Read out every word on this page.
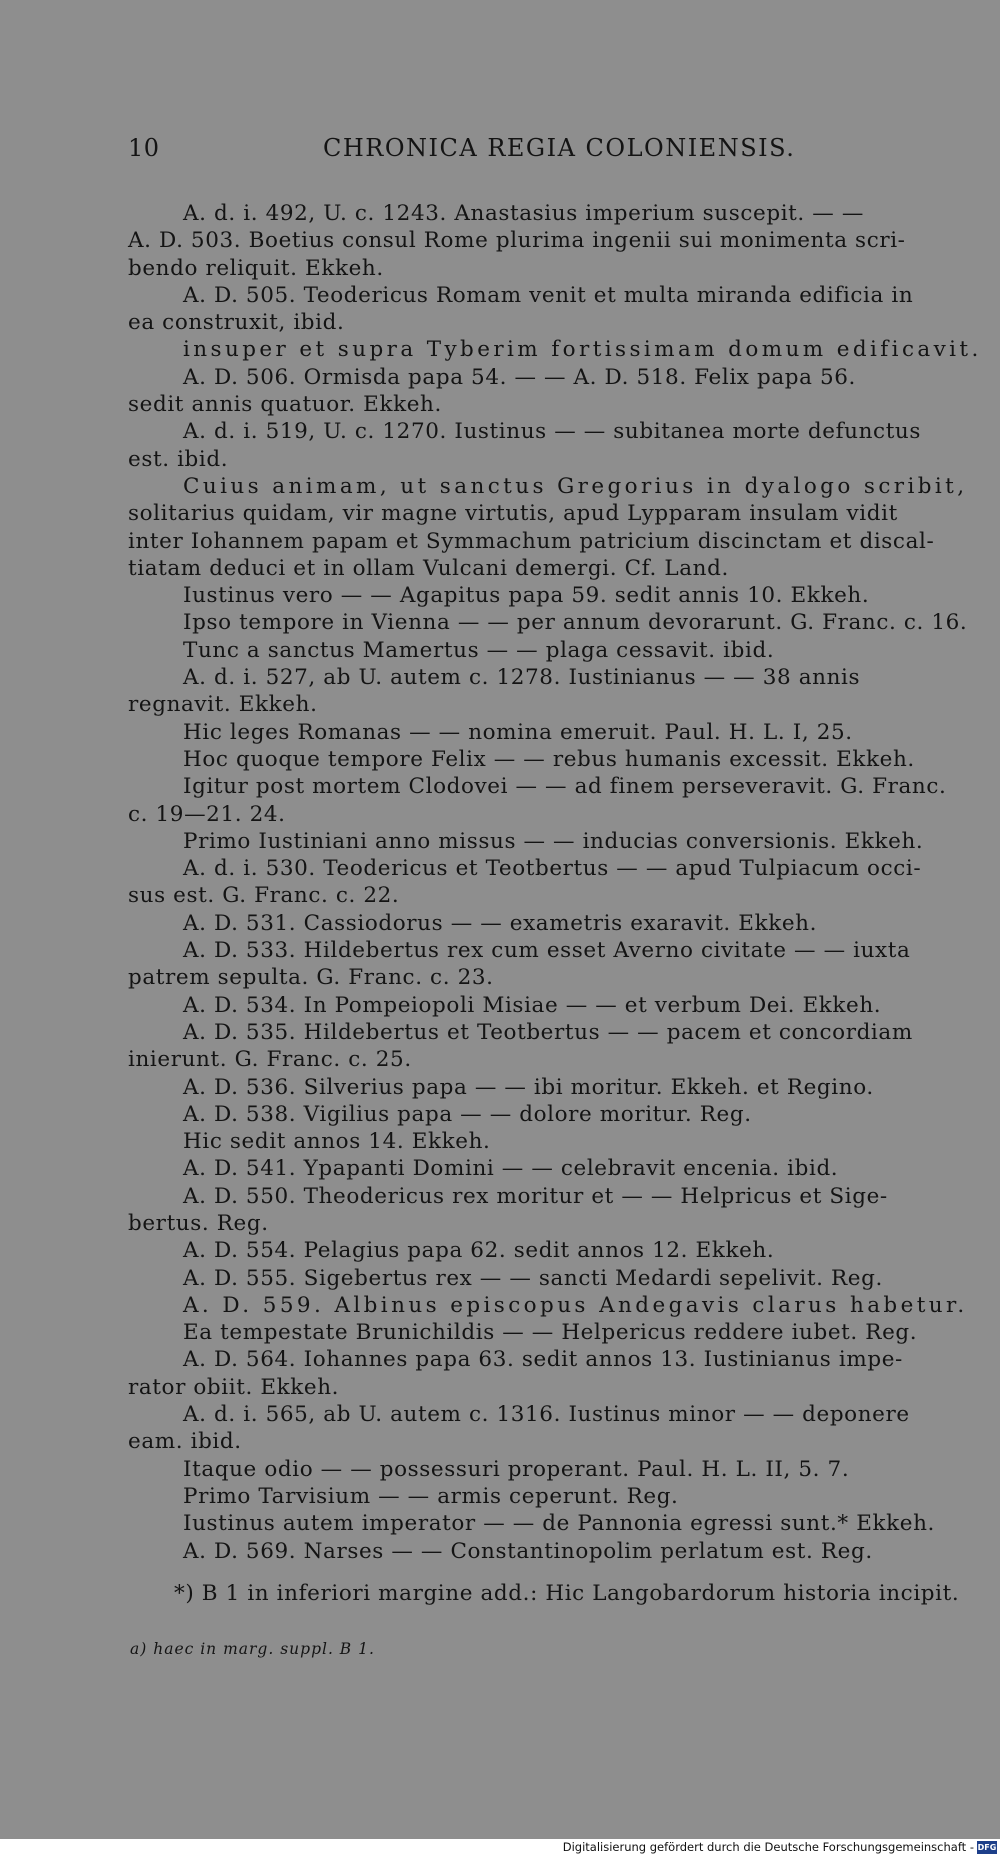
10	CHRONICA REGIA COLONIENSIS.
A. d. i. 492, U. c. 1243. Anastasius imperium suscepit. — —
A. D. 503. Boetius consul Rome plurima ingenii sui monimenta scri-
bendo reliquit. Ekkeh.
A. D. 505. Teodericus Romam venit et multa miranda edificia in
ea construxit, ibid.
insuper et supra Tyberim fortissimam domum edificavit.
A. D. 506. Ormisda papa 54. — — A. D. 518. Felix papa 56.
sedit annis quatuor. Ekkeh.
A. d. i. 519, U. c. 1270. Iustinus — — subitanea morte defunctus
est. ibid.
Cuius animam, ut sanctus Gregorius in dyalogo scribit,
solitarius quidam, vir magne virtutis, apud Lypparam insulam vidit
inter Iohannem papam et Symmachum patricium discinctam et discal-
tiatam deduci et in ollam Vulcani demergi. Cf. Land.
Iustinus vero — — Agapitus papa 59. sedit annis 10. Ekkeh.
Ipso tempore in Vienna — — per annum devorarunt. G. Franc. c. 16.
Tunc a sanctus Mamertus — — plaga cessavit. ibid.
A. d. i. 527, ab U. autem c. 1278. Iustinianus — — 38 annis
regnavit. Ekkeh.
Hic leges Romanas — — nomina emeruit. Paul. H. L. I, 25.
Hoc quoque tempore Felix — — rebus humanis excessit. Ekkeh.
Igitur post mortem Clodovei — — ad finem perseveravit. G. Franc.
c. 19—21. 24.
Primo Iustiniani anno missus — — inducias conversionis. Ekkeh.
A. d. i. 530. Teodericus et Teotbertus — — apud Tulpiacum occi-
sus est. G. Franc. c. 22.
A. D. 531. Cassiodorus — — exametris exaravit. Ekkeh.
A. D. 533. Hildebertus rex cum esset Averno civitate — — iuxta
patrem sepulta. G. Franc. c. 23.
A. D. 534. In Pompeiopoli Misiae — — et verbum Dei. Ekkeh.
A. D. 535. Hildebertus et Teotbertus — — pacem et concordiam
inierunt. G. Franc. c. 25.
A. D. 536. Silverius papa — — ibi moritur. Ekkeh. et Regino.
A. D. 538. Vigilius papa — — dolore moritur. Reg.
Hic sedit annos 14. Ekkeh.
A. D. 541. Ypapanti Domini — — celebravit encenia. ibid.
A. D. 550. Theodericus rex moritur et — — Helpricus et Sige-
bertus. Reg.
A. D. 554. Pelagius papa 62. sedit annos 12. Ekkeh.
A. D. 555. Sigebertus rex — — sancti Medardi sepelivit. Reg.
A. D. 559. Albinus episcopus Andegavis clarus habetur.
Ea tempestate Brunichildis — — Helpericus reddere iubet. Reg.
A. D. 564. Iohannes papa 63. sedit annos 13. Iustinianus impe-
rator obiit. Ekkeh.
A. d. i. 565, ab U. autem c. 1316. Iustinus minor — — deponere
eam. ibid.
Itaque odio — — possessuri properant. Paul. H. L. II, 5. 7.
Primo Tarvisium — — armis ceperunt. Reg.
Iustinus autem imperator — — de Pannonia egressi sunt.* Ekkeh.
A. D. 569. Narses — — Constantinopolim perlatum est. Reg.
*) B 1 in inferiori margine add.: Hic Langobardorum historia incipit.
a) haec in marg. suppl. B 1.
Digitalisierung gefördert durch die Deutsche Forschungsgemeinschaft - DFG
